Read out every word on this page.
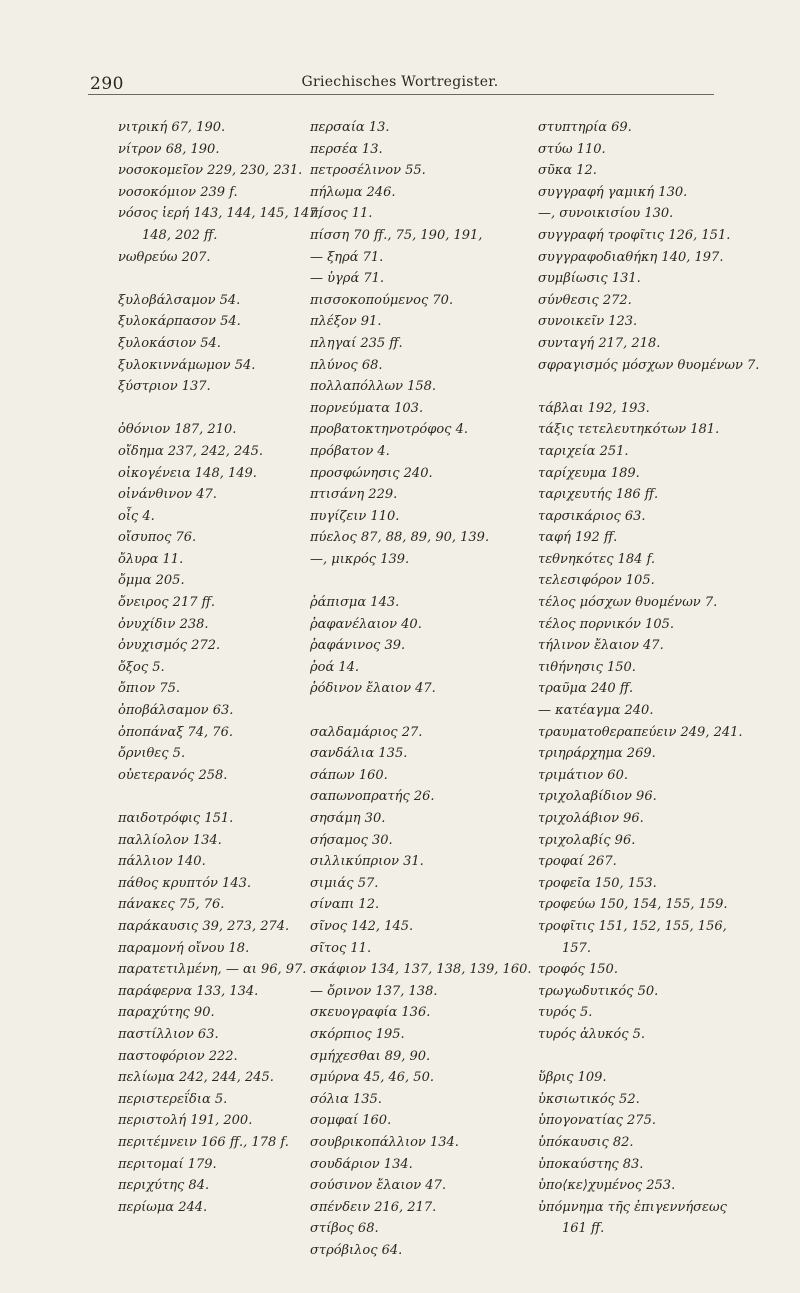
290	Griechisches Wortregister.
νιτρική 67, 190.
νίτρον 68, 190.
νοσοκομεῖον 229, 230, 231.
νοσοκόμιον 239 f.
νόσος ἱερή 143, 144, 145, 147,
148, 202 ff.
νωθρεύω 207.
ξυλοβάλσαμον 54.
ξυλοκάρπασον 54.
ξυλοκάσιον 54.
ξυλοκιννάμωμον 54.
ξύστριον 137.
ὀθόνιον 187, 210.
οἴδημα 237, 242, 245.
οἰκογένεια 148, 149.
οἰνάνθινον 47.
οἶς 4.
οἴσυπος 76.
ὄλυρα 11.
ὄμμα 205.
ὄνειρος 217 ff.
ὀνυχίδιν 238.
ὀνυχισμός 272.
ὄξος 5.
ὄπιον 75.
ὀποβάλσαμον 63.
ὀποπάναξ 74, 76.
ὄρνιθες 5.
οὐετερανός 258.
παιδοτρόφις 151.
παλλίολον 134.
πάλλιον 140.
πάθος κρυπτόν 143.
πάνακες 75, 76.
παράκαυσις 39, 273, 274.
παραμονή οἴνου 18.
παρατετιλμένη, — αι 96, 97.
παράφερνα 133, 134.
παραχύτης 90.
παστίλλιον 63.
παστοφόριον 222.
πελίωμα 242, 244, 245.
περιστερεΐδια 5.
περιστολή 191, 200.
περιτέμνειν 166 ff., 178 f.
περιτομαί 179.
περιχύτης 84.
περίωμα 244.
περσαία 13.
περσέα 13.
πετροσέλινον 55.
πήλωμα 246.
πίσος 11.
πίσση 70 ff., 75, 190, 191,
— ξηρά 71.
— ὑγρά 71.
πισσοκοπούμενος 70.
πλέξον 91.
πληγαί 235 ff.
πλύνος 68.
πολλαπόλλων 158.
πορνεύματα 103.
προβατοκτηνοτρόφος 4.
πρόβατον 4.
προσφώνησις 240.
πτισάνη 229.
πυγίζειν 110.
πύελος 87, 88, 89, 90, 139.
—, μικρός 139.
ῥάπισμα 143.
ῥαφανέλαιον 40.
ῥαφάνινος 39.
ῥοά 14.
ῥόδινον ἔλαιον 47.
σαλδαμάριος 27.
σανδάλια 135.
σάπων 160.
σαπωνοπρατής 26.
σησάμη 30.
σήσαμος 30.
σιλλικύπριον 31.
σιμιάς 57.
σίναπι 12.
σῖνος 142, 145.
σῖτος 11.
σκάφιον 134, 137, 138, 139, 160.
— ὄρινον 137, 138.
σκευογραφία 136.
σκόρπιος 195.
σμήχεσθαι 89, 90.
σμύρνα 45, 46, 50.
σόλια 135.
σομφαί 160.
σουβρικοπάλλιον 134.
σουδάριον 134.
σούσινον ἔλαιον 47.
σπένδειν 216, 217.
στίβος 68.
στρόβιλος 64.
στυπτηρία 69.
στύω 110.
σῦκα 12.
συγγραφή γαμική 130.
—, συνοικισίου 130.
συγγραφή τροφῖτις 126, 151.
συγγραφοδιαθήκη 140, 197.
συμβίωσις 131.
σύνθεσις 272.
συνοικεῖν 123.
συνταγή 217, 218.
σφραγισμός μόσχων θυομένων 7.
τάβλαι 192, 193.
τάξις τετελευτηκότων 181.
ταριχεία 251.
ταρίχευμα 189.
ταριχευτής 186 ff.
ταρσικάριος 63.
ταφή 192 ff.
τεθνηκότες 184 f.
τελεσιφόρον 105.
τέλος μόσχων θυομένων 7.
τέλος πορνικόν 105.
τήλινον ἔλαιον 47.
τιθήνησις 150.
τραῦμα 240 ff.
— κατέαγμα 240.
τραυματοθεραπεύειν 249, 241.
τριηράρχημα 269.
τριμάτιον 60.
τριχολαβίδιον 96.
τριχολάβιον 96.
τριχολαβίς 96.
τροφαί 267.
τροφεῖα 150, 153.
τροφεύω 150, 154, 155, 159.
τροφῖτις 151, 152, 155, 156,
157.
τροφός 150.
τρωγωδυτικός 50.
τυρός 5.
τυρός ἁλυκός 5.
ὕβρις 109.
ὑκσιωτικός 52.
ὑπογονατίας 275.
ὑπόκαυσις 82.
ὑποκαύστης 83.
ὑπο⟨κε⟩χυμένος 253.
ὑπόμνημα τῆς ἐπιγεννήσεως
161 ff.
